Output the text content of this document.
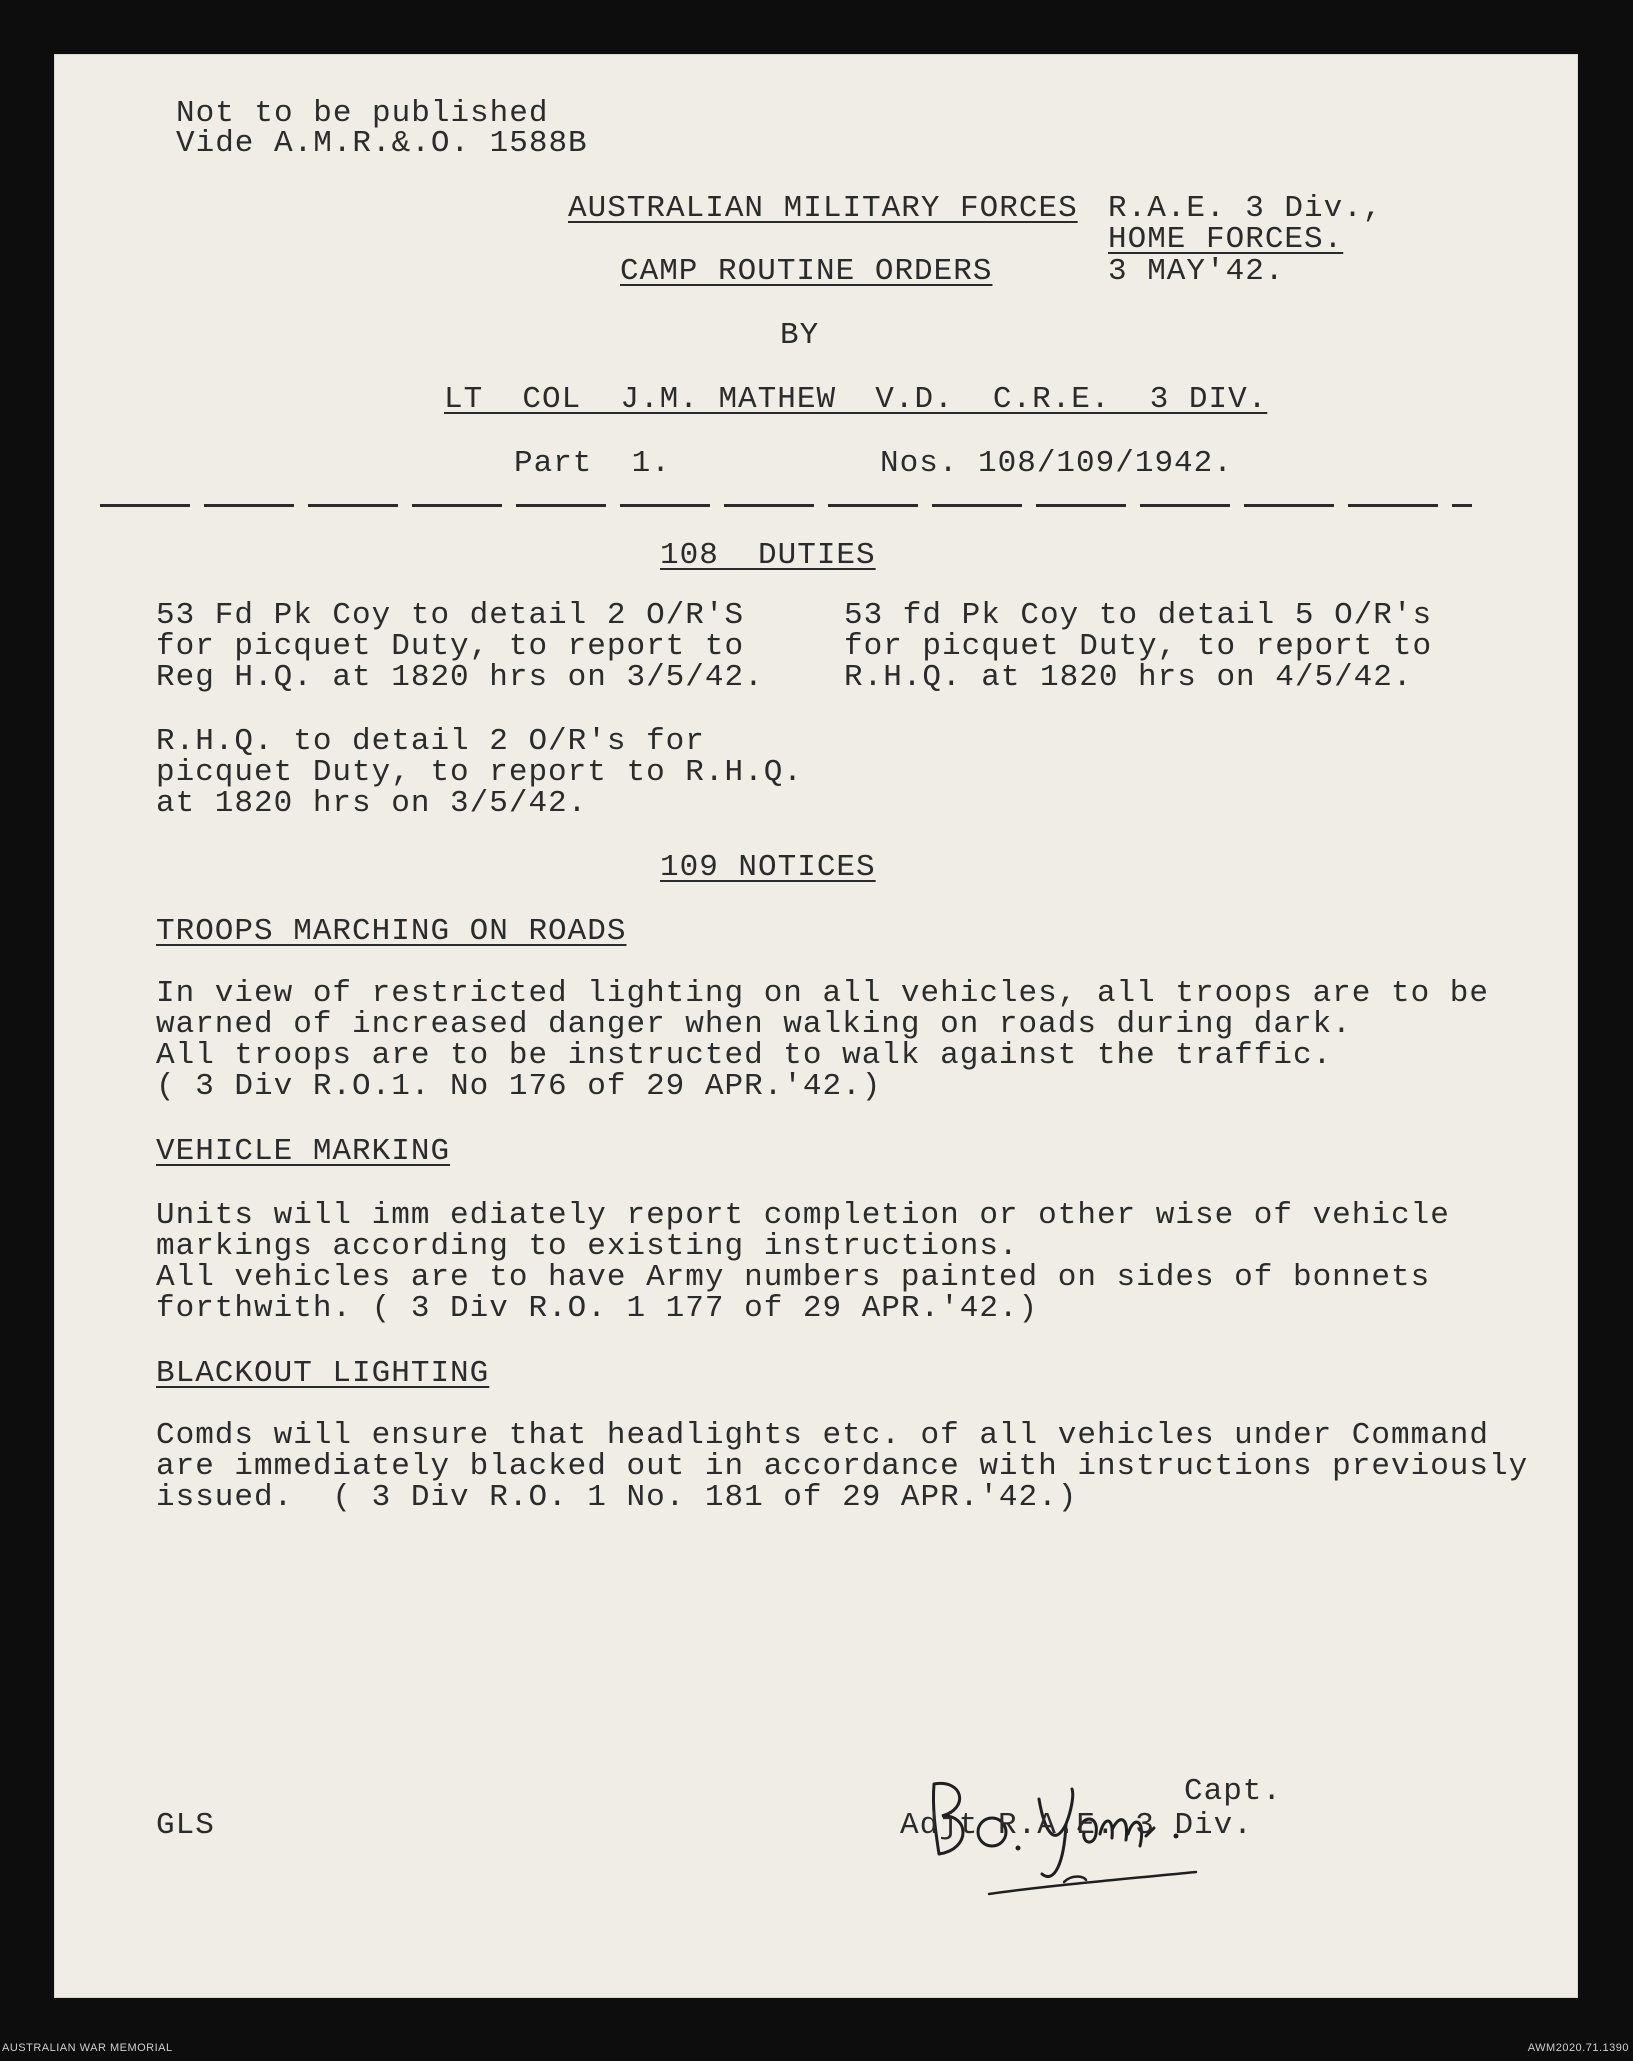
Not to be published
Vide A.M.R.&.O. 1588B
AUSTRALIAN MILITARY FORCES R.A.E. 3 Div.,
HOME FORCES.
CAMP ROUTINE ORDERS	3 MAY'42.
BY
LT  COL  J.M. MATHEW  V.D.  C.R.E.  3 DIV.
Part  1.	Nos. 108/109/1942.
108  DUTIES
53 Fd Pk Coy to detail 2 O/R'S
for picquet Duty, to report to
Reg H.Q. at 1820 hrs on 3/5/42.
53 fd Pk Coy to detail 5 O/R's
for picquet Duty, to report to
R.H.Q. at 1820 hrs on 4/5/42.
R.H.Q. to detail 2 O/R's for
picquet Duty, to report to R.H.Q.
at 1820 hrs on 3/5/42.
109 NOTICES
TROOPS MARCHING ON ROADS
In view of restricted lighting on all vehicles, all troops are to be
warned of increased danger when walking on roads during dark.
All troops are to be instructed to walk against the traffic.
( 3 Div R.O.1. No 176 of 29 APR.'42.)
VEHICLE MARKING
Units will imm ediately report completion or other wise of vehicle
markings according to existing instructions.
All vehicles are to have Army numbers painted on sides of bonnets
forthwith. ( 3 Div R.O. 1 177 of 29 APR.'42.)
BLACKOUT LIGHTING
Comds will ensure that headlights etc. of all vehicles under Command
are immediately blacked out in accordance with instructions previously
issued.  ( 3 Div R.O. 1 No. 181 of 29 APR.'42.)
Capt.
Adjt R.A.E. 3 Div.
GLS
AUSTRALIAN WAR MEMORIAL	AWM2020.71.1390
